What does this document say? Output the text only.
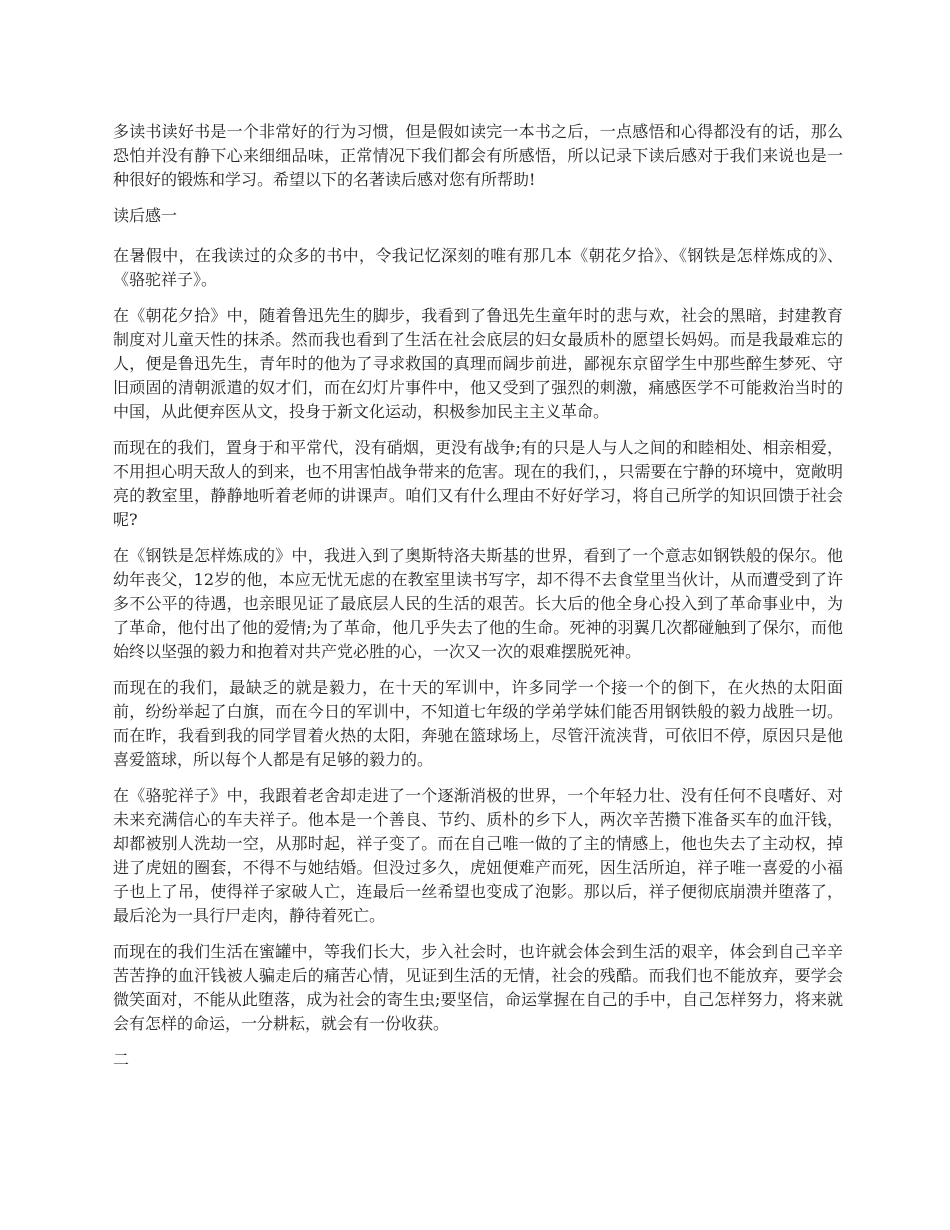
多读书读好书是一个非常好的行为习惯，但是假如读完一本书之后，一点感悟和心得都没有的话，那么恐怕并没有静下心来细细品味，正常情况下我们都会有所感悟，所以记录下读后感对于我们来说也是一种很好的锻炼和学习。希望以下的名著读后感对您有所帮助!

读后感一

在暑假中，在我读过的众多的书中，令我记忆深刻的唯有那几本《朝花夕拾》、《钢铁是怎样炼成的》、《骆驼祥子》。

在《朝花夕拾》中，随着鲁迅先生的脚步，我看到了鲁迅先生童年时的悲与欢，社会的黑暗，封建教育制度对儿童天性的抹杀。然而我也看到了生活在社会底层的妇女最质朴的愿望长妈妈。而是我最难忘的人，便是鲁迅先生，青年时的他为了寻求救国的真理而阔步前进，鄙视东京留学生中那些醉生梦死、守旧顽固的清朝派遣的奴才们，而在幻灯片事件中，他又受到了强烈的刺激，痛感医学不可能救治当时的中国，从此便弃医从文，投身于新文化运动，积极参加民主主义革命。

而现在的我们，置身于和平常代，没有硝烟，更没有战争;有的只是人与人之间的和睦相处、相亲相爱，不用担心明天敌人的到来，也不用害怕战争带来的危害。现在的我们，，只需要在宁静的环境中，宽敞明亮的教室里，静静地听着老师的讲课声。咱们又有什么理由不好好学习，将自己所学的知识回馈于社会呢?

在《钢铁是怎样炼成的》中，我进入到了奥斯特洛夫斯基的世界，看到了一个意志如钢铁般的保尔。他幼年丧父，12岁的他，本应无忧无虑的在教室里读书写字，却不得不去食堂里当伙计，从而遭受到了许多不公平的待遇，也亲眼见证了最底层人民的生活的艰苦。长大后的他全身心投入到了革命事业中，为了革命，他付出了他的爱情;为了革命，他几乎失去了他的生命。死神的羽翼几次都碰触到了保尔，而他始终以坚强的毅力和抱着对共产党必胜的心，一次又一次的艰难摆脱死神。

而现在的我们，最缺乏的就是毅力，在十天的军训中，许多同学一个接一个的倒下，在火热的太阳面前，纷纷举起了白旗，而在今日的军训中，不知道七年级的学弟学妹们能否用钢铁般的毅力战胜一切。而在昨，我看到我的同学冒着火热的太阳，奔驰在篮球场上，尽管汗流浃背，可依旧不停，原因只是他喜爱篮球，所以每个人都是有足够的毅力的。

在《骆驼祥子》中，我跟着老舍却走进了一个逐渐消极的世界，一个年轻力壮、没有任何不良嗜好、对未来充满信心的车夫祥子。他本是一个善良、节约、质朴的乡下人，两次辛苦攒下准备买车的血汗钱，却都被别人洗劫一空，从那时起，祥子变了。而在自己唯一做的了主的情感上，他也失去了主动权，掉进了虎妞的圈套，不得不与她结婚。但没过多久，虎妞便难产而死，因生活所迫，祥子唯一喜爱的小福子也上了吊，使得祥子家破人亡，连最后一丝希望也变成了泡影。那以后，祥子便彻底崩溃并堕落了，最后沦为一具行尸走肉，静待着死亡。

而现在的我们生活在蜜罐中，等我们长大，步入社会时，也许就会体会到生活的艰辛，体会到自己辛辛苦苦挣的血汗钱被人骗走后的痛苦心情，见证到生活的无情，社会的残酷。而我们也不能放弃，要学会微笑面对，不能从此堕落，成为社会的寄生虫;要坚信，命运掌握在自己的手中，自己怎样努力，将来就会有怎样的命运，一分耕耘，就会有一份收获。

二
